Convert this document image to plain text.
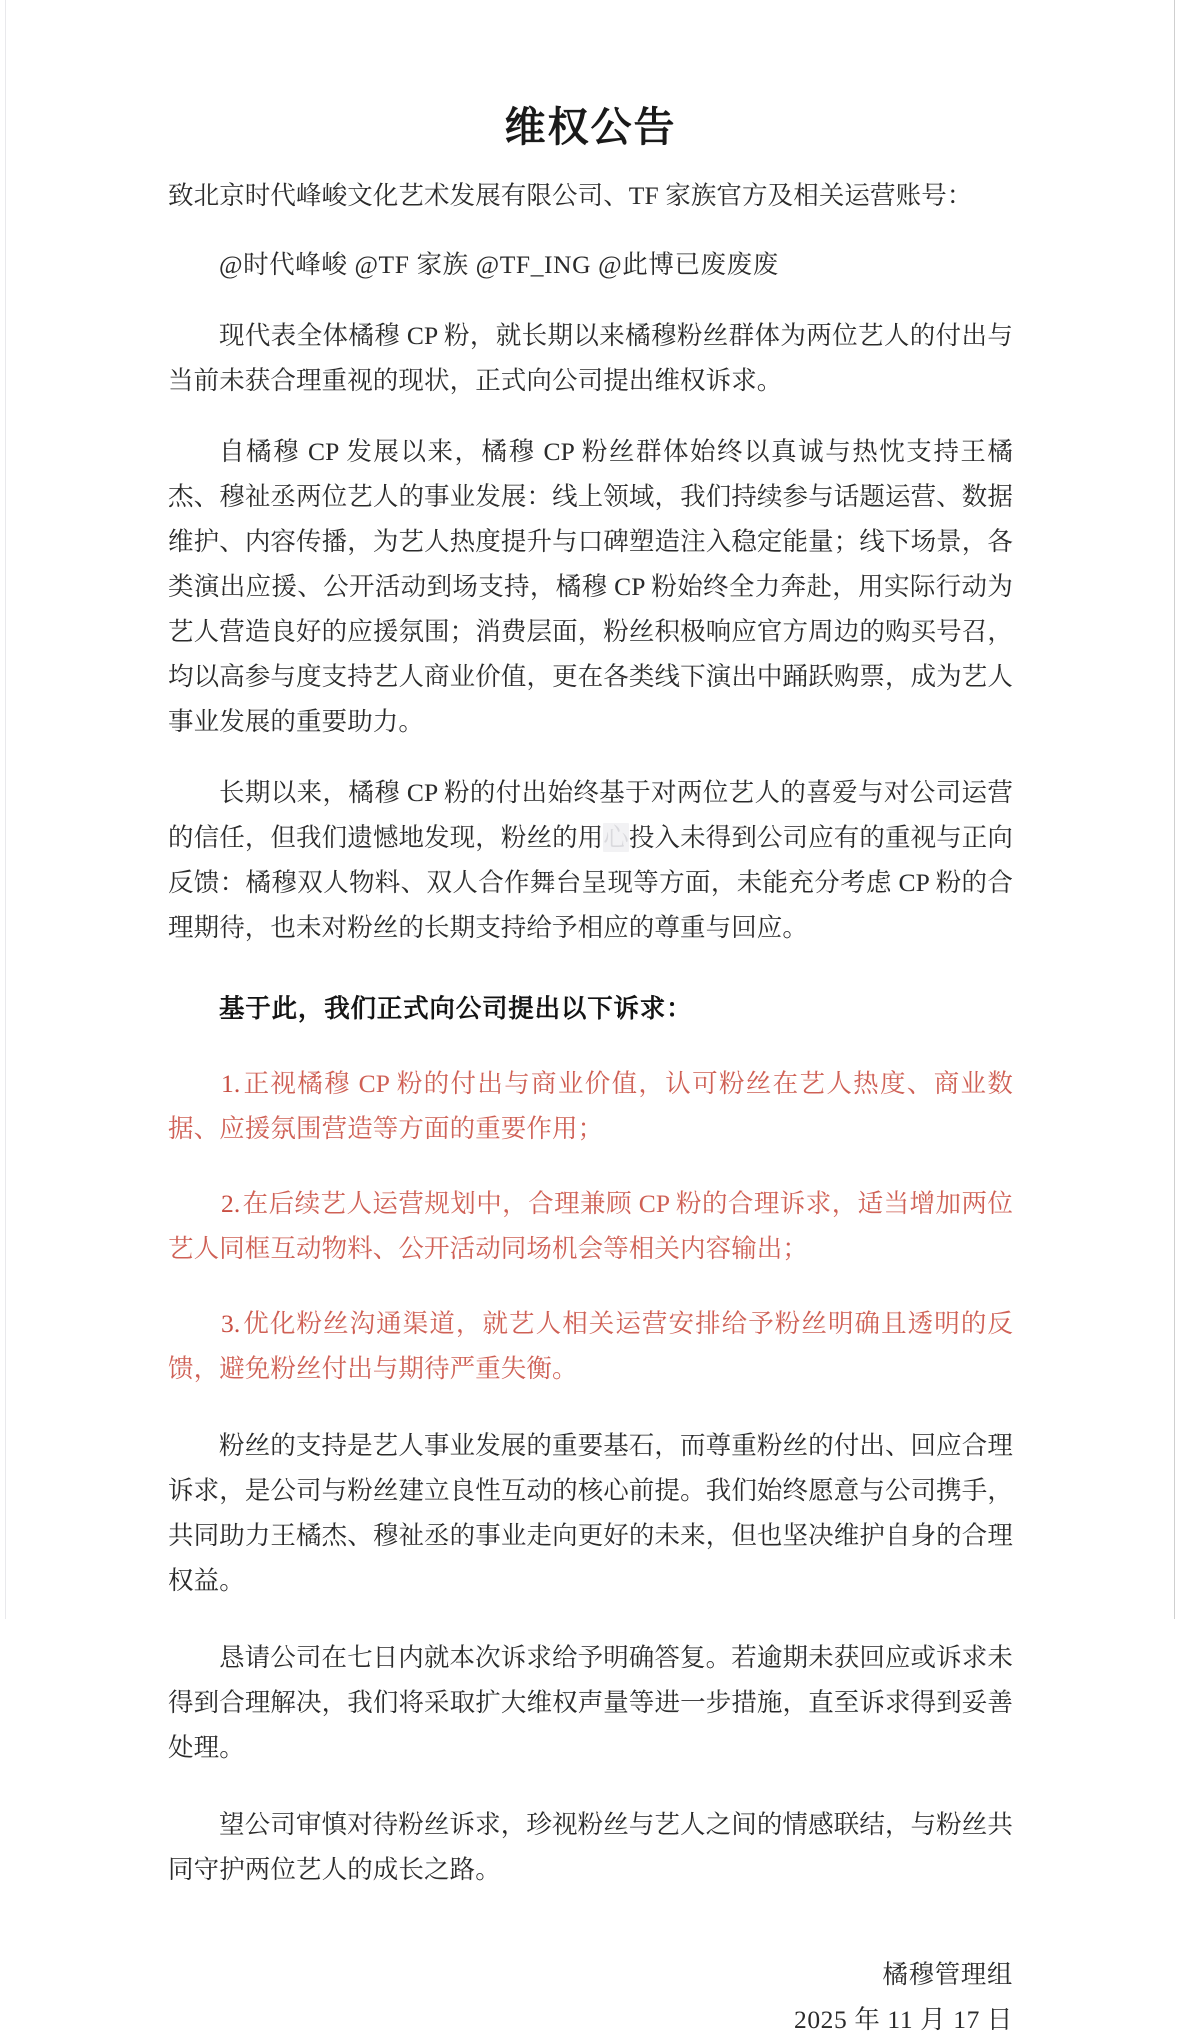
维权公告

致北京时代峰峻文化艺术发展有限公司、TF 家族官方及相关运营账号：

@时代峰峻 @TF 家族 @TF_ING @此博已废废废

现代表全体橘穆 CP 粉，就长期以来橘穆粉丝群体为两位艺人的付出与当前未获合理重视的现状，正式向公司提出维权诉求。

自橘穆 CP 发展以来，橘穆 CP 粉丝群体始终以真诚与热忱支持王橘杰、穆祉丞两位艺人的事业发展：线上领域，我们持续参与话题运营、数据维护、内容传播，为艺人热度提升与口碑塑造注入稳定能量；线下场景，各类演出应援、公开活动到场支持，橘穆 CP 粉始终全力奔赴，用实际行动为艺人营造良好的应援氛围；消费层面，粉丝积极响应官方周边的购买号召，均以高参与度支持艺人商业价值，更在各类线下演出中踊跃购票，成为艺人事业发展的重要助力。

长期以来，橘穆 CP 粉的付出始终基于对两位艺人的喜爱与对公司运营的信任，但我们遗憾地发现，粉丝的用心投入未得到公司应有的重视与正向反馈：橘穆双人物料、双人合作舞台呈现等方面，未能充分考虑 CP 粉的合理期待，也未对粉丝的长期支持给予相应的尊重与回应。

基于此，我们正式向公司提出以下诉求：

1.正视橘穆 CP 粉的付出与商业价值，认可粉丝在艺人热度、商业数据、应援氛围营造等方面的重要作用；

2.在后续艺人运营规划中，合理兼顾 CP 粉的合理诉求，适当增加两位艺人同框互动物料、公开活动同场机会等相关内容输出；

3.优化粉丝沟通渠道，就艺人相关运营安排给予粉丝明确且透明的反馈，避免粉丝付出与期待严重失衡。

粉丝的支持是艺人事业发展的重要基石，而尊重粉丝的付出、回应合理诉求，是公司与粉丝建立良性互动的核心前提。我们始终愿意与公司携手，共同助力王橘杰、穆祉丞的事业走向更好的未来，但也坚决维护自身的合理权益。

恳请公司在七日内就本次诉求给予明确答复。若逾期未获回应或诉求未得到合理解决，我们将采取扩大维权声量等进一步措施，直至诉求得到妥善处理。

望公司审慎对待粉丝诉求，珍视粉丝与艺人之间的情感联结，与粉丝共同守护两位艺人的成长之路。

橘穆管理组
2025 年 11 月 17 日
